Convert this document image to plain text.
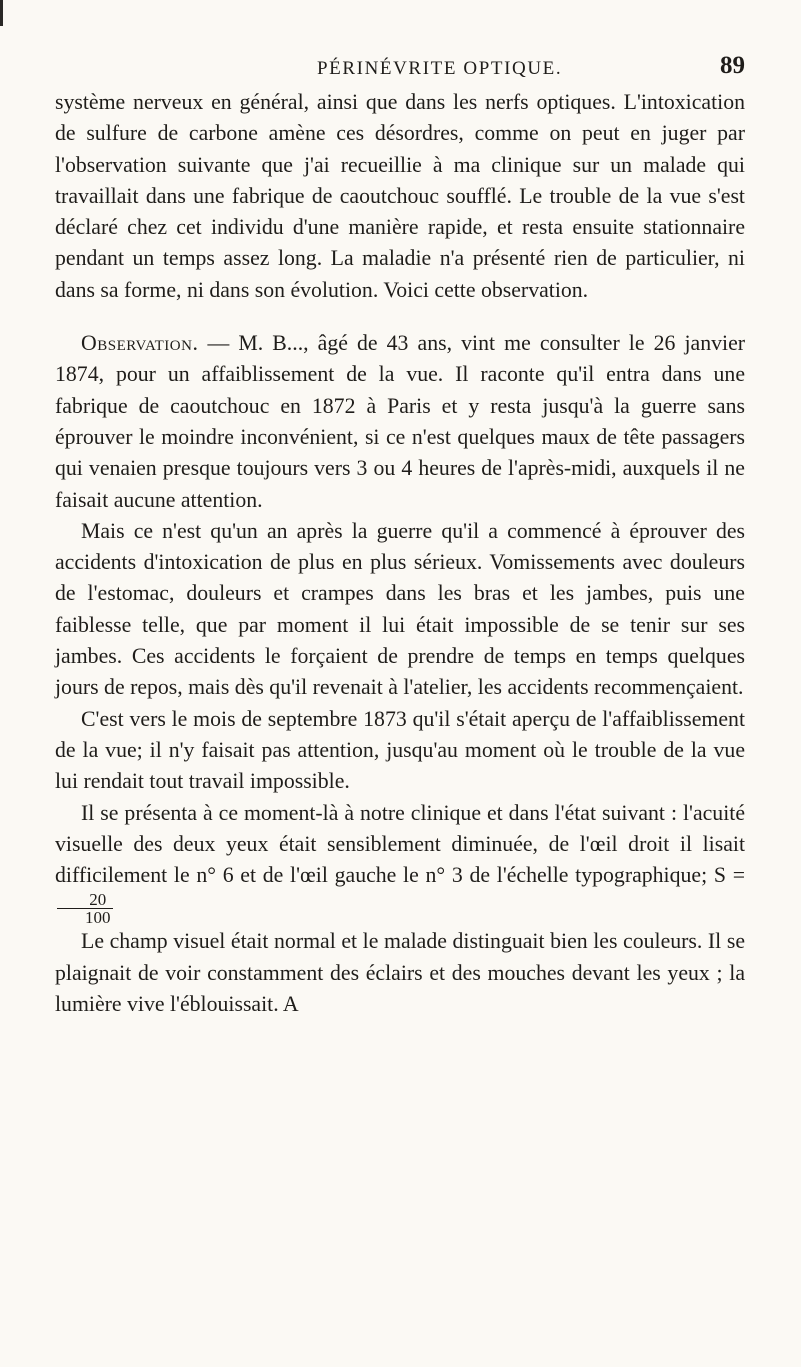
PÉRINÉVRITE OPTIQUE.	89

système nerveux en général, ainsi que dans les nerfs optiques. L'intoxication de sulfure de carbone amène ces désordres, comme on peut en juger par l'observation suivante que j'ai recueillie à ma clinique sur un malade qui travaillait dans une fabrique de caoutchouc soufflé. Le trouble de la vue s'est déclaré chez cet individu d'une manière rapide, et resta ensuite stationnaire pendant un temps assez long. La maladie n'a présenté rien de particulier, ni dans sa forme, ni dans son évolution. Voici cette observation.

Observation. — M. B..., âgé de 43 ans, vint me consulter le 26 janvier 1874, pour un affaiblissement de la vue. Il raconte qu'il entra dans une fabrique de caoutchouc en 1872 à Paris et y resta jusqu'à la guerre sans éprouver le moindre inconvénient, si ce n'est quelques maux de tête passagers qui venaien presque toujours vers 3 ou 4 heures de l'après-midi, auxquels il ne faisait aucune attention.

Mais ce n'est qu'un an après la guerre qu'il a commencé à éprouver des accidents d'intoxication de plus en plus sérieux. Vomissements avec douleurs de l'estomac, douleurs et crampes dans les bras et les jambes, puis une faiblesse telle, que par moment il lui était impossible de se tenir sur ses jambes. Ces accidents le forçaient de prendre de temps en temps quelques jours de repos, mais dès qu'il revenait à l'atelier, les accidents recommençaient.

C'est vers le mois de septembre 1873 qu'il s'était aperçu de l'affaiblissement de la vue; il n'y faisait pas attention, jusqu'au moment où le trouble de la vue lui rendait tout travail impossible.

Il se présenta à ce moment-là à notre clinique et dans l'état suivant : l'acuité visuelle des deux yeux était sensiblement diminuée, de l'œil droit il lisait difficilement le n° 6 et de l'œil gauche le n° 3 de l'échelle typographique; S =
$\frac{20}{100}$

Le champ visuel était normal et le malade distinguait bien les couleurs. Il se plaignait de voir constamment des éclairs et des mouches devant les yeux ; la lumière vive l'éblouissait. A
